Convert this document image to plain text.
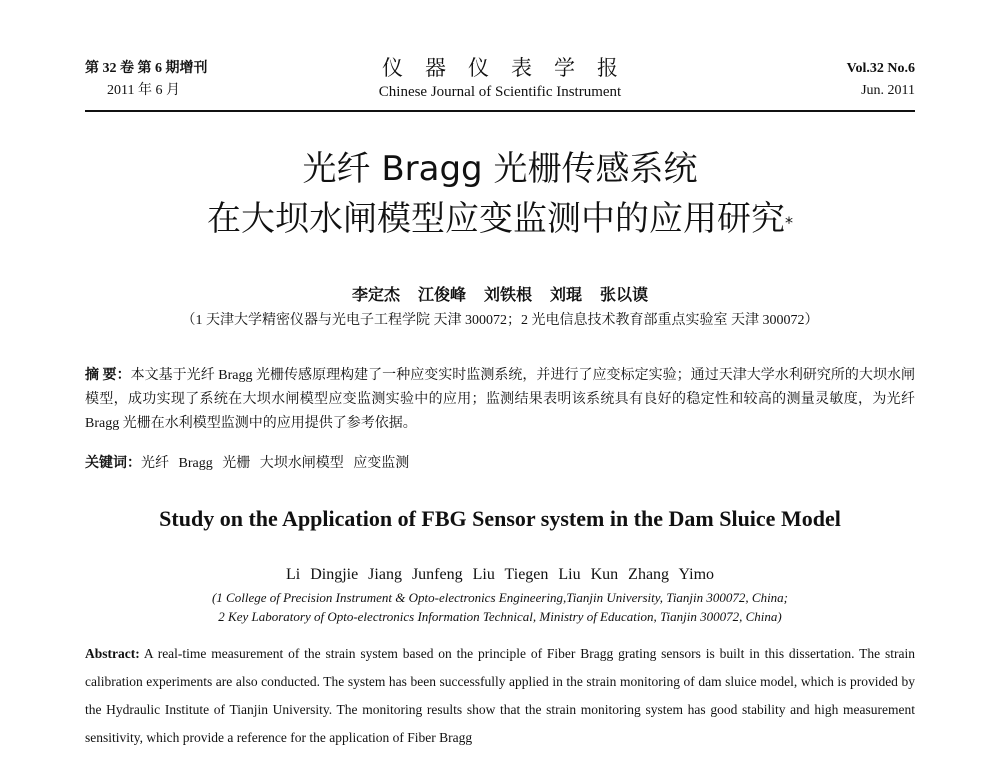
第 32 卷 第 6 期增刊
2011 年 6 月
仪器仪表学报
Chinese Journal of Scientific Instrument
Vol.32 No.6
Jun. 2011
光纤 Bragg 光栅传感系统
在大坝水闸模型应变监测中的应用研究*
李定杰 江俊峰 刘铁根 刘琨 张以谟
（1 天津大学精密仪器与光电子工程学院 天津 300072；2 光电信息技术教育部重点实验室 天津 300072）
摘 要：本文基于光纤 Bragg 光栅传感原理构建了一种应变实时监测系统，并进行了应变标定实验；通过天津大学水利研究所的大坝水闸模型，成功实现了系统在大坝水闸模型应变监测实验中的应用；监测结果表明该系统具有良好的稳定性和较高的测量灵敏度，为光纤 Bragg 光栅在水利模型监测中的应用提供了参考依据。
关键词：光纤 Bragg 光栅 大坝水闸模型 应变监测
Study on the Application of FBG Sensor system in the Dam Sluice Model
Li Dingjie Jiang Junfeng Liu Tiegen Liu Kun Zhang Yimo
(1 College of Precision Instrument & Opto-electronics Engineering,Tianjin University, Tianjin 300072, China;
2 Key Laboratory of Opto-electronics Information Technical, Ministry of Education, Tianjin 300072, China)
Abstract: A real-time measurement of the strain system based on the principle of Fiber Bragg grating sensors is built in this dissertation. The strain calibration experiments are also conducted. The system has been successfully applied in the strain monitoring of dam sluice model, which is provided by the Hydraulic Institute of Tianjin University. The monitoring results show that the strain monitoring system has good stability and high measurement sensitivity, which provide a reference for the application of Fiber Bragg
